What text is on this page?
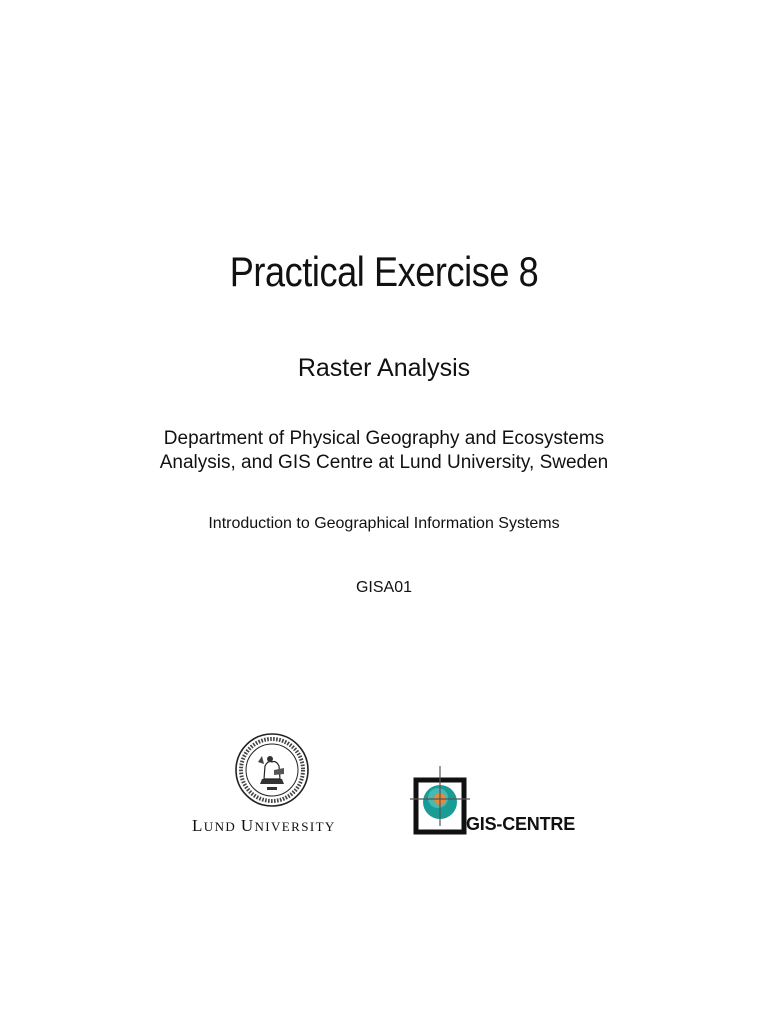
Practical Exercise 8
Raster Analysis
Department of Physical Geography and Ecosystems
Analysis, and GIS Centre at Lund University, Sweden
Introduction to Geographical Information Systems
GISA01
LUND UNIVERSITY	GIS-CENTRE
